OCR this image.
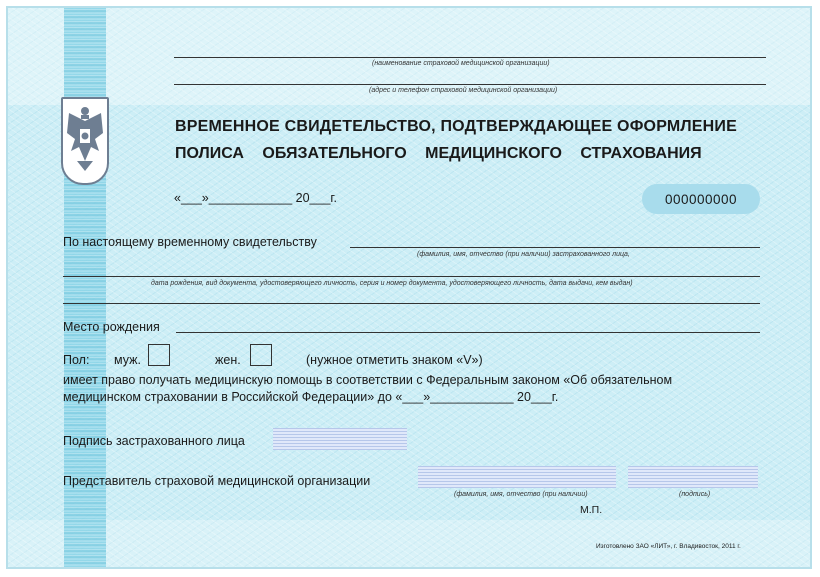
(наименование страховой медицинской организации)
(адрес и телефон страховой медицинской организации)
ВРЕМЕННОЕ СВИДЕТЕЛЬСТВО, ПОДТВЕРЖДАЮЩЕЕ ОФОРМЛЕНИЕ
ПОЛИСА ОБЯЗАТЕЛЬНОГО МЕДИЦИНСКОГО СТРАХОВАНИЯ
«___»____________ 20___г.	000000000
По настоящему временному свидетельству
(фамилия, имя, отчество (при наличии) застрахованного лица,
дата рождения, вид документа, удостоверяющего личность, серия и номер документа, удостоверяющего личность, дата выдачи, кем выдан)
Место рождения
Пол: муж.	жен.	(нужное отметить знаком «V»)
имеет право получать медицинскую помощь в соответствии с Федеральным законом «Об обязательном
медицинском страховании в Российской Федерации» до «___»____________ 20___г.
Подпись застрахованного лица
Представитель страховой медицинской организации
(фамилия, имя, отчество (при наличии)	(подпись)
М.П.
Изготовлено ЗАО «ЛИТ», г. Владивосток, 2011 г.
